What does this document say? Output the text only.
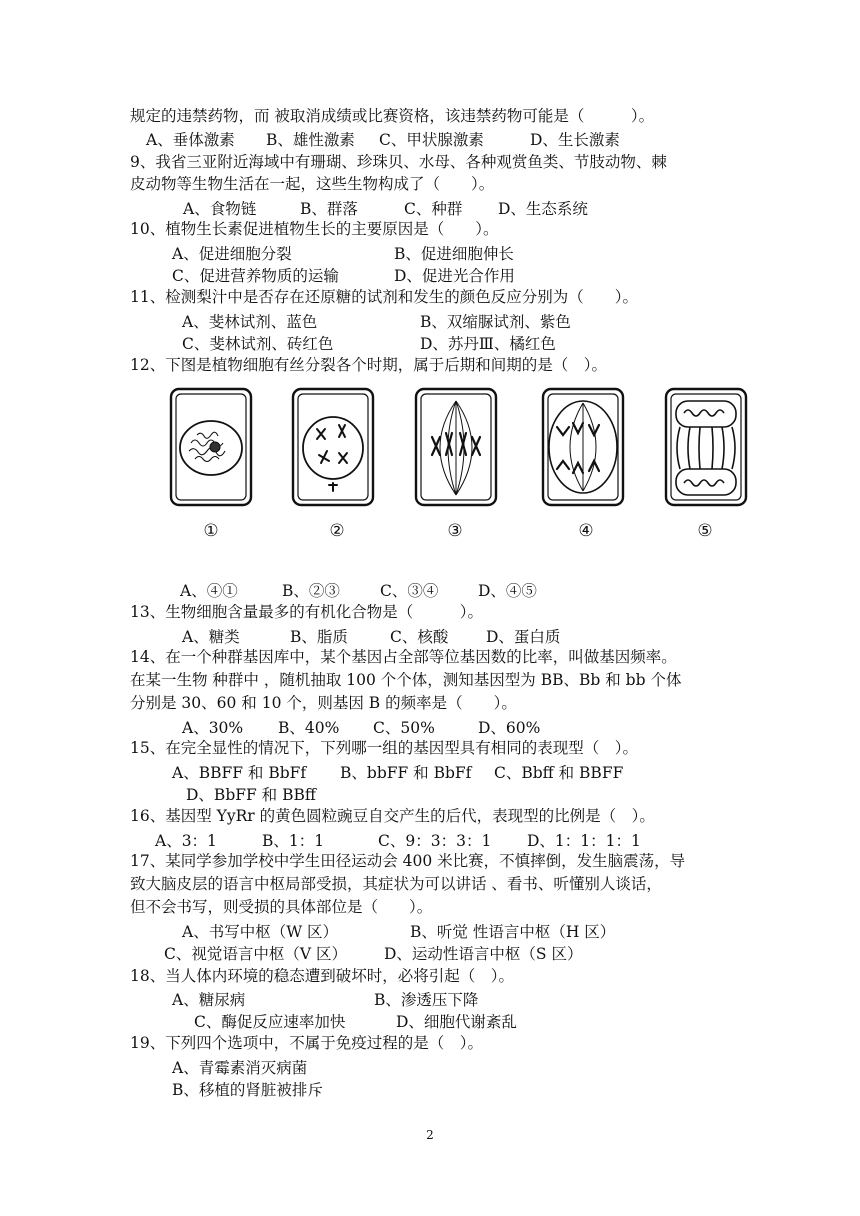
规定的违禁药物，而 被取消成绩或比赛资格，该违禁药物可能是（　　　）。
A、垂体激素 B、雄性激素 C、甲状腺激素	D、生长激素
9、我省三亚附近海域中有珊瑚、珍珠贝、水母、各种观赏鱼类、节肢动物、棘
皮动物等生物生活在一起，这些生物构成了（　　）。
A、食物链	B、群落	C、种群 D、生态系统
10、植物生长素促进植物生长的主要原因是（　　）。
A、促进细胞分裂	B、促进细胞伸长
C、促进营养物质的运输	D、促进光合作用
11、检测梨汁中是否存在还原糖的试剂和发生的颜色反应分别为（　　）。
A、斐林试剂、蓝色	B、双缩脲试剂、紫色
C、斐林试剂、砖红色	D、苏丹Ⅲ、橘红色
12、下图是植物细胞有丝分裂各个时期，属于后期和间期的是（　）。
①	②	③	④	⑤
A、④①	B、②③	C、③④	D、④⑤
13、生物细胞含量最多的有机化合物是（　　　）。
A、糖类	B、脂质	C、核酸 D、蛋白质
14、在一个种群基因库中，某个基因占全部等位基因数的比率，叫做基因频率。
在某一生物 种群中 ，随机抽取 100 个个体，测知基因型为 BB、Bb 和 bb 个体
分别是 30、60 和 10 个，则基因 B 的频率是（　　）。
A、30% B、40% C、50%	D、60%
15、在完全显性的情况下，下列哪一组的基因型具有相同的表现型（　）。
A、BBFF 和 BbFf B、bbFF 和 BbFf C、Bbff 和 BBFF
D、BbFF 和 BBff
16、基因型 YyRr 的黄色圆粒豌豆自交产生的后代，表现型的比例是（　）。
A、3：1	B、1：1	C、9：3：3：1 D、1：1：1：1
17、某同学参加学校中学生田径运动会 400 米比赛，不慎摔倒，发生脑震荡，导
致大脑皮层的语言中枢局部受损，其症状为可以讲话 、看书、听懂别人谈话，
但不会书写，则受损的具体部位是（　　）。
A、书写中枢（W 区）	B、听觉 性语言中枢（H 区）
C、视觉语言中枢（V 区） D、运动性语言中枢（S 区）
18、当人体内环境的稳态遭到破坏时，必将引起（　）。
A、糖尿病	B、渗透压下降
C、酶促反应速率加快	D、细胞代谢紊乱
19、下列四个选项中，不属于免疫过程的是（　）。
A、青霉素消灭病菌
B、移植的肾脏被排斥
2
